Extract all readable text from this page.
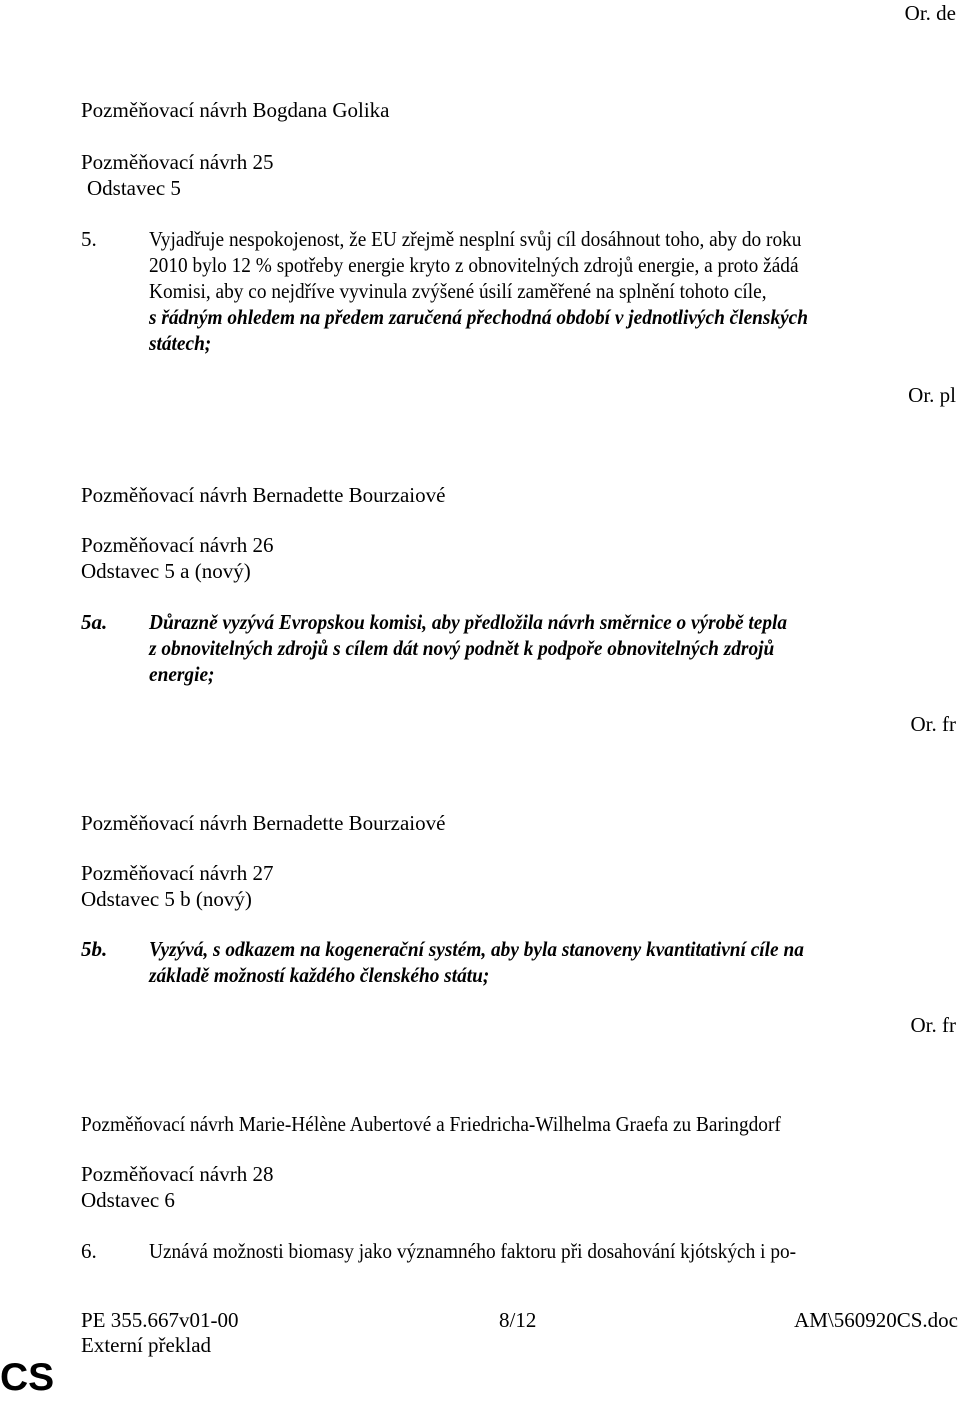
Or. de
Pozměňovací návrh Bogdana Golika
Pozměňovací návrh 25
Odstavec 5
5. Vyjadřuje nespokojenost, že EU zřejmě nesplní svůj cíl dosáhnout toho, aby do roku
2010 bylo 12 % spotřeby energie kryto z obnovitelných zdrojů energie, a proto žádá
Komisi, aby co nejdříve vyvinula zvýšené úsilí zaměřené na splnění tohoto cíle,
s řádným ohledem na předem zaručená přechodná období v jednotlivých členských
státech;
Or. pl
Pozměňovací návrh Bernadette Bourzaiové
Pozměňovací návrh 26
Odstavec 5 a (nový)
5a. Důrazně vyzývá Evropskou komisi, aby předložila návrh směrnice o výrobě tepla
z obnovitelných zdrojů s cílem dát nový podnět k podpoře obnovitelných zdrojů
energie;
Or. fr
Pozměňovací návrh Bernadette Bourzaiové
Pozměňovací návrh 27
Odstavec 5 b (nový)
5b. Vyzývá, s odkazem na kogenerační systém, aby byla stanoveny kvantitativní cíle na
základě možností každého členského státu;
Or. fr
Pozměňovací návrh Marie-Hélène Aubertové a Friedricha-Wilhelma Graefa zu Baringdorf
Pozměňovací návrh 28
Odstavec 6
6. Uznává možnosti biomasy jako významného faktoru při dosahování kjótských i po-
PE 355.667v01-00	8/12	AM\560920CS.doc
Externí překlad
CS
